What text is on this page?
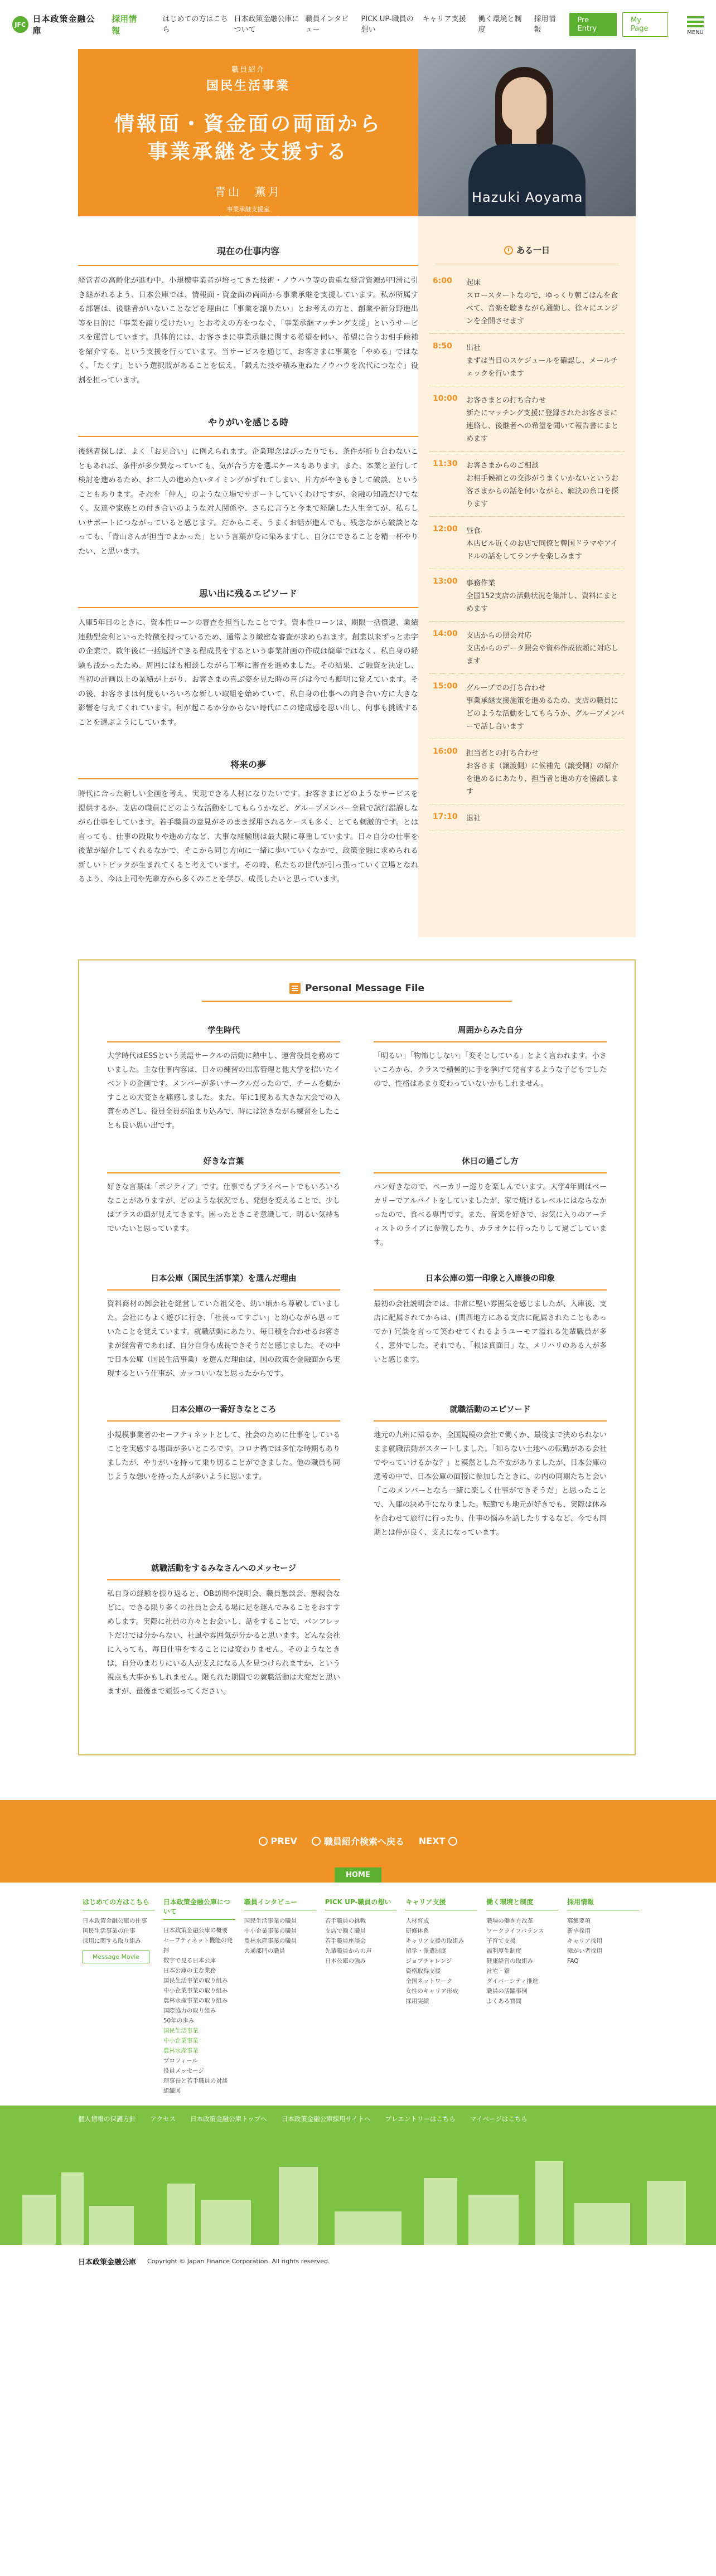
JFC
日本政策金融公庫
採用情報
はじめての方はこちら
日本政策金融公庫について
職員インタビュー
PICK UP-職員の想い
キャリア支援	働く環境と制度
採用情報
Pre Entry
My Page	MENU
職員紹介
国民生活事業
情報面・資金面の両面から
事業承継を支援する
青山　薫月
事業承継支援室
事業承継支援グループ
Hazuki Aoyama
現在の仕事内容

経営者の高齢化が進む中、小規模事業者が培ってきた技術・ノウハウ等の貴重な経営資源が円滑に引き継がれるよう、日本公庫では、情報面・資金面の両面から事業承継を支援しています。私が所属する部署は、後継者がいないことなどを理由に「事業を譲りたい」とお考えの方と、創業や新分野進出等を目的に「事業を譲り受けたい」とお考えの方をつなぐ、「事業承継マッチング支援」というサービスを運営しています。具体的には、お客さまに事業承継に関する希望を伺い、希望に合うお相手候補を紹介する、という支援を行っています。当サービスを通じて、お客さまに事業を「やめる」ではなく、「たくす」という選択肢があることを伝え、「鍛えた技や積み重ねたノウハウを次代につなぐ」役割を担っています。

やりがいを感じる時

後継者探しは、よく「お見合い」に例えられます。企業理念はぴったりでも、条件が折り合わないこともあれば、条件が多少異なっていても、気が合う方を選ぶケースもあります。また、本業と並行して検討を進めるため、お二人の進めたいタイミングがずれてしまい、片方がやきもきして破談、ということもあります。それを「仲人」のような立場でサポートしていくわけですが、金融の知識だけでなく、友達や家族との付き合いのような対人関係や、さらに言うと今まで経験した人生全てが、私らしいサポートにつながっていると感じます。だからこそ、うまくお話が進んでも、残念ながら破談となっても、「青山さんが担当でよかった」という言葉が身に染みますし、自分にできることを精一杯やりたい、と思います。

思い出に残るエピソード

入庫5年目のときに、資本性ローンの審査を担当したことです。資本性ローンは、期限一括償還、業績連動型金利といった特徴を持っているため、通常より緻密な審査が求められます。創業以来ずっと赤字の企業で、数年後に一括返済できる程成長をするという事業計画の作成は簡単ではなく、私自身の経験も浅かったため、周囲にはも相談しながら丁寧に審査を進めました。その結果、ご融資を決定し、当初の計画以上の業績が上がり、お客さまの喜ぶ姿を見た時の喜びは今でも鮮明に覚えています。その後、お客さまは何度もいろいろな新しい取組を始めていて、私自身の仕事への向き合い方に大きな影響を与えてくれています。何が起こるか分からない時代にこの達成感を思い出し、何事も挑戦することを選ぶようにしています。

将来の夢

時代に合った新しい企画を考え、実現できる人材になりたいです。お客さまにどのようなサービスを提供するか、支店の職員にどのような活動をしてもらうかなど、グループメンバー全員で試行錯誤しながら仕事をしています。若手職員の意見がそのまま採用されるケースも多く、とても刺激的です。とは言っても、仕事の段取りや進め方など、大事な経験則は最大限に尊重しています。日々自分の仕事を後輩が紹介してくれるなかで、そこから同じ方向に一緒に歩いていくなかで、政策金融に求められる新しいトピックが生まれてくると考えています。その時、私たちの世代が引っ張っていく立場となれるよう、今は上司や先輩方から多くのことを学び、成長したいと思っています。

ある一日
6:00	起床
スロースタートなので、ゆっくり朝ごはんを食べて、音楽を聴きながら通勤し、徐々にエンジンを全開させます
8:50	出社
まずは当日のスケジュールを確認し、メールチェックを行います
10:00	お客さまとの打ち合わせ
新たにマッチング支援に登録されたお客さまに連絡し、後継者への希望を聞いて報告書にまとめます
11:30	お客さまからのご相談
お相手候補との交渉がうまくいかないというお客さまからの話を伺いながら、解決の糸口を探ります
12:00	昼食
本店ビル近くのお店で同僚と韓国ドラマやアイドルの話をしてランチを楽しみます
13:00	事務作業
全国152支店の活動状況を集計し、資料にまとめます
14:00	支店からの照会対応
支店からのデータ照会や資料作成依頼に対応します
15:00	グループでの打ち合わせ
事業承継支援施策を進めるため、支店の職員にどのような活動をしてもらうか、グループメンバーで話し合います
16:00	担当者との打ち合わせ
お客さま（譲渡側）に候補先（譲受側）の紹介を進めるにあたり、担当者と進め方を協議します
17:10	退社
Personal Message File
学生時代

大学時代はESSという英語サークルの活動に熱中し、運営役員を務めていました。主な仕事内容は、日々の練習の出席管理と他大学を招いたイベントの企画です。メンバーが多いサークルだったので、チームを動かすことの大変さを痛感しました。また、年に1度ある大きな大会での入賞をめざし、役員全員が泊まり込みで、時には泣きながら練習をしたことも良い思い出です。

周囲からみた自分

「明るい」「物怖じしない」「変そとしている」とよく言われます。小さいころから、クラスで積極的に手を挙げて発言するような子どもでしたので、性格はあまり変わっていないかもしれません。

好きな言葉

好きな言葉は「ポジティブ」です。仕事でもプライベートでもいろいろなことがありますが、どのような状況でも、発想を変えることで、少しはプラスの面が見えてきます。困ったときこそ意識して、明るい気持ちでいたいと思っています。

休日の過ごし方

パン好きなので、ベーカリー巡りを楽しんでいます。大学4年間はベーカリーでアルバイトをしていましたが、家で焼けるレベルにはならなかったので、食べる専門です。また、音楽を好きで、お気に入りのアーティストのライブに参戦したり、カラオケに行ったりして過ごしています。

日本公庫（国民生活事業）を選んだ理由

資料商材の卸会社を経営していた祖父を、幼い頃から尊敬していました。会社にもよく遊びに行き、「社長ってすごい」と幼心ながら思っていたことを覚えています。就職活動にあたり、毎日積を合わせるお客さまが経営者であれば、自分自身も成長できそうだと感じました。その中で日本公庫（国民生活事業）を選んだ理由は、国の政策を金融面から実現するという仕事が、カッコいいなと思ったからです。

日本公庫の第一印象と入庫後の印象

最初の会社説明会では、非常に堅い雰囲気を感じましたが、入庫後、支店に配属されてからは、(関西地方にある支店に配属されたこともあってか) 冗談を言って笑わせてくれるようユーモア溢れる先輩職員が多く、意外でした。それでも、「根は真面目」な、メリハリのある人が多いと感じます。

日本公庫の一番好きなところ

小規模事業者のセーフティネットとして、社会のために仕事をしていることを実感する場面が多いところです。コロナ禍では多忙な時期もありましたが、やりがいを持って乗り切ることができました。他の職員も同じような想いを持った人が多いように思います。

就職活動のエピソード

地元の九州に帰るか、全国規模の会社で働くか、最後まで決められないまま就職活動がスタートしました。「知らない土地への転勤がある会社でやっていけるかな？」と漠然とした不安がありましたが、日本公庫の選考の中で、日本公庫の面接に参加したときに、の内の同期たちと会い「このメンバーとなら一緒に楽しく仕事ができそうだ」と思ったことで、入庫の決め手になりました。転勤でも地元が好きでも、実際は休みを合わせて旅行に行ったり、仕事の悩みを話したりするなど、今でも同期とは仲が良く、支えになっています。

就職活動をするみなさんへのメッセージ

私自身の経験を振り返ると、OB訪問や説明会、職員懇談会、懇親会などに、できる限り多くの社員と会える場に足を運んでみることをおすすめします。実際に社員の方々とお会いし、話をすることで、パンフレットだけでは分からない、社風や雰囲気が分かると思います。どんな会社に入っても、毎日仕事をすることには変わりません。そのようなときは、自分のまわりにいる人が支えになる人を見つけられますか、という視点も大事かもしれません。限られた期間での就職活動は大変だと思いますが、最後まで頑張ってください。

PREV	職員紹介検索へ戻る NEXT
HOME
はじめての方はこちら
日本政策金融公庫の仕事
国民生活事業の仕事
採用に関する取り組み
Message Movie
日本政策金融公庫について
日本政策金融公庫の概要
セーフティネット機能の発揮
数字で見る日本公庫
日本公庫の主な業務
国民生活事業の取り組み
中小企業事業の取り組み
農林水産事業の取り組み
国際協力の取り組み
50年の歩み
国民生活事業
中小企業事業
農林水産事業
プロフィール
役員メッセージ
理事長と若手職員の対談
組織図
職員インタビュー
国民生活事業の職員
中小企業事業の職員
農林水産事業の職員
共通部門の職員
PICK UP-職員の想い
若手職員の挑戦
支店で働く職員
若手職員座談会
先輩職員からの声
日本公庫の強み
キャリア支援
人材育成
研修体系
キャリア支援の取組み
留学・派遣制度
ジョブチャレンジ
資格取得支援
全国ネットワーク
女性のキャリア形成
採用実績
働く環境と制度
職場の働き方改革
ワークライフバランス
子育て支援
福利厚生制度
健康経営の取組み
社宅・寮
ダイバーシティ推進
職員の活躍事例
よくある質問
採用情報
募集要項
新卒採用
キャリア採用
障がい者採用
FAQ
個人情報の保護方針 アクセス 日本政策金融公庫トップへ 日本政策金融公庫採用サイトへ プレエントリーはこちら マイページはこちら
日本政策金融公庫 Copyright © Japan Finance Corporation. All rights reserved.
